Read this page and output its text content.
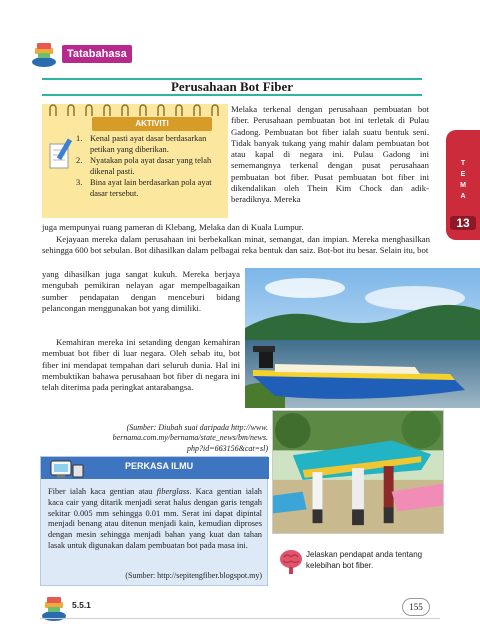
Tatabahasa
Perusahaan Bot Fiber
T
E
M
A
13
AKTIVITI
1. Kenal pasti ayat dasar berdasarkan petikan yang diberikan.
2. Nyatakan pola ayat dasar yang telah dikenal pasti.
3. Bina ayat lain berdasarkan pola ayat dasar tersebut.

Melaka terkenal dengan perusahaan pembuatan bot fiber. Perusahaan pembuatan bot ini terletak di Pulau Gadong. Pembuatan bot fiber ialah suatu bentuk seni. Tidak banyak tukang yang mahir dalam pembuatan bot atau kapal di negara ini. Pulau Gadong ini sememangnya terkenal dengan pusat perusahaan pembuatan bot fiber. Pusat pembuatan bot fiber ini dikendalikan oleh Thein Kim Chock dan adik-beradiknya. Mereka

juga mempunyai ruang pameran di Klebang, Melaka dan di Kuala Lumpur.

Kejayaan mereka dalam perusahaan ini berbekalkan minat, semangat, dan impian. Mereka menghasilkan sehingga 600 bot sebulan. Bot dihasilkan dalam pelbagai reka bentuk dan saiz. Bot-bot itu besar. Selain itu, bot

yang dihasilkan juga sangat kukuh. Mereka berjaya mengubah pemikiran nelayan agar mempelbagaikan sumber pendapatan dengan menceburi bidang pelancongan menggunakan bot yang dimiliki.

Kemahiran mereka ini setanding dengan kemahiran membuat bot fiber di luar negara. Oleh sebab itu, bot fiber ini mendapat tempahan dari seluruh dunia. Hal ini membuktikan bahawa perusahaan bot fiber di negara ini telah diterima pada peringkat antarabangsa.

(Sumber: Diubah suai daripada http://www.
bernama.com.my/bernama/state_news/bm/news.
php?id=663156&cat=sl)
PERKASA ILMU

Fiber ialah kaca gentian atau fiberglass. Kaca gentian ialah kaca cair yang ditarik menjadi serat halus dengan garis tengah sekitar 0.005 mm sehingga 0.01 mm. Serat ini dapat dipintal menjadi benang atau ditenun menjadi kain, kemudian diproses dengan mesin sehingga menjadi bahan yang kuat dan tahan lasak untuk digunakan dalam pembuatan bot pada masa ini.

(Sumber: http://sepitengfiber.blogspot.my)
Jelaskan pendapat anda tentang kelebihan bot fiber.
5.5.1	155
